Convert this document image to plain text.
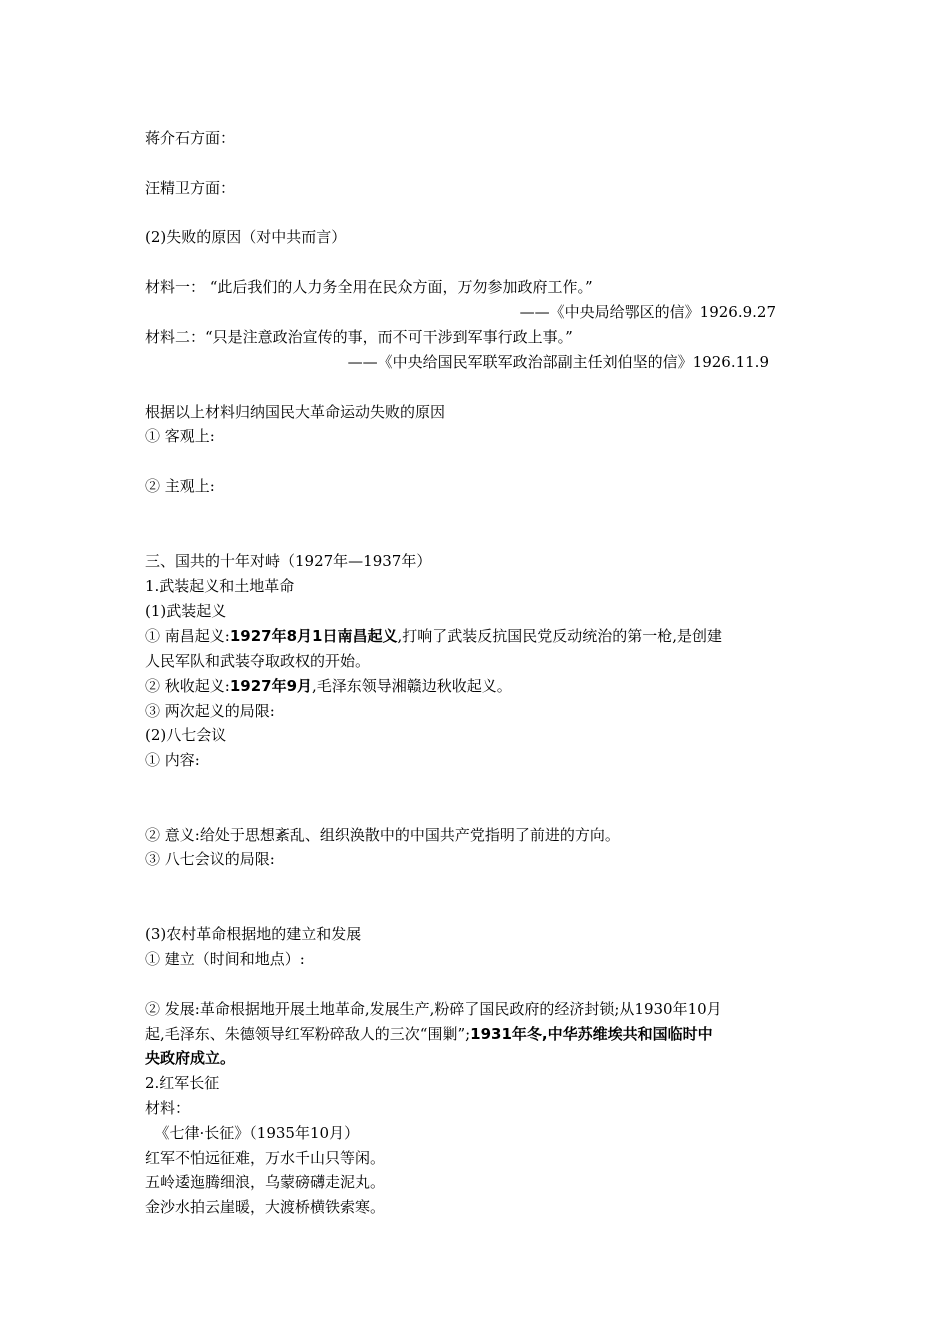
蒋介石方面：
汪精卫方面：
(2)失败的原因（对中共而言）
材料一： “此后我们的人力务全用在民众方面，万勿参加政府工作。”
——《中央局给鄂区的信》1926.9.27
材料二：“只是注意政治宣传的事，而不可干涉到军事行政上事。”
——《中央给国民军联军政治部副主任刘伯坚的信》1926.11.9
根据以上材料归纳国民大革命运动失败的原因
① 客观上:
② 主观上:
三、国共的十年对峙（1927年—1937年）
1.武装起义和土地革命
(1)武装起义
① 南昌起义:1927年8月1日南昌起义,打响了武装反抗国民党反动统治的第一枪,是创建
人民军队和武装夺取政权的开始。
② 秋收起义:1927年9月,毛泽东领导湘赣边秋收起义。
③ 两次起义的局限:
(2)八七会议
① 内容:
② 意义:给处于思想紊乱、组织涣散中的中国共产党指明了前进的方向。
③ 八七会议的局限:
(3)农村革命根据地的建立和发展
① 建立（时间和地点）:
② 发展:革命根据地开展土地革命,发展生产,粉碎了国民政府的经济封锁;从1930年10月
起,毛泽东、朱德领导红军粉碎敌人的三次“围剿”;1931年冬,中华苏维埃共和国临时中
央政府成立。
2.红军长征
材料：
《七律·长征》（1935年10月）
红军不怕远征难，万水千山只等闲。
五岭逶迤腾细浪，乌蒙磅礴走泥丸。
金沙水拍云崖暖，大渡桥横铁索寒。
